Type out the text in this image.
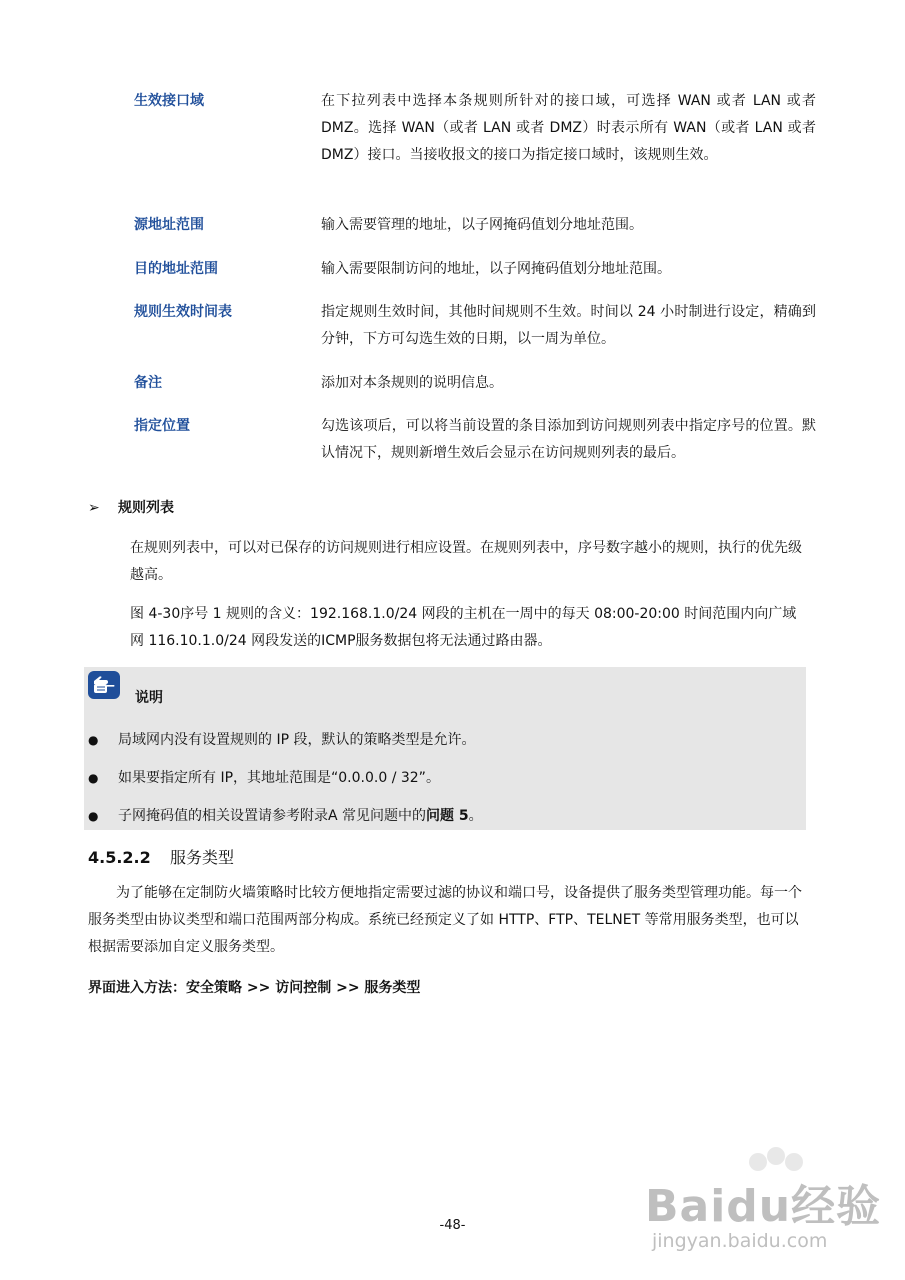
生效接口域	在下拉列表中选择本条规则所针对的接口域，可选择 WAN 或者 LAN 或者 DMZ。选择 WAN（或者 LAN 或者 DMZ）时表示所有 WAN（或者 LAN 或者 DMZ）接口。当接收报文的接口为指定接口域时，该规则生效。
源地址范围	输入需要管理的地址，以子网掩码值划分地址范围。
目的地址范围	输入需要限制访问的地址，以子网掩码值划分地址范围。
规则生效时间表	指定规则生效时间，其他时间规则不生效。时间以 24 小时制进行设定，精确到分钟，下方可勾选生效的日期，以一周为单位。
备注	添加对本条规则的说明信息。
指定位置	勾选该项后，可以将当前设置的条目添加到访问规则列表中指定序号的位置。默认情况下，规则新增生效后会显示在访问规则列表的最后。
➢ 规则列表
在规则列表中，可以对已保存的访问规则进行相应设置。在规则列表中，序号数字越小的规则，执行的优先级越高。
图 4-30序号 1 规则的含义：192.168.1.0/24 网段的主机在一周中的每天 08:00-20:00 时间范围内向广域网 116.10.1.0/24 网段发送的ICMP服务数据包将无法通过路由器。
说明
● 局域网内没有设置规则的 IP 段，默认的策略类型是允许。
● 如果要指定所有 IP，其地址范围是“0.0.0.0 / 32”。
● 子网掩码值的相关设置请参考附录A 常见问题中的问题 5。
4.5.2.2 服务类型
为了能够在定制防火墙策略时比较方便地指定需要过滤的协议和端口号，设备提供了服务类型管理功能。每一个服务类型由协议类型和端口范围两部分构成。系统已经预定义了如 HTTP、FTP、TELNET 等常用服务类型，也可以根据需要添加自定义服务类型。
界面进入方法：安全策略 >> 访问控制 >> 服务类型
Baidu经验
jingyan.baidu.com
-48-
